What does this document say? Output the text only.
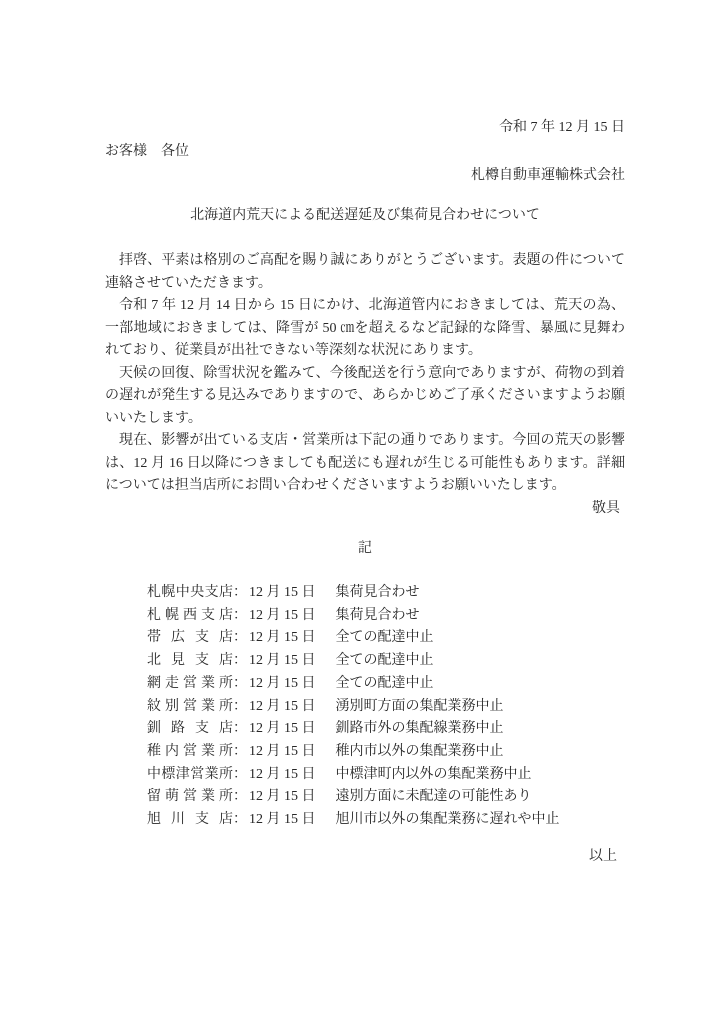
令和 7 年 12 月 15 日
お客様　各位
札樽自動車運輸株式会社
北海道内荒天による配送遅延及び集荷見合わせについて

拝啓、平素は格別のご高配を賜り誠にありがとうございます。表題の件について連絡させていただきます。

令和 7 年 12 月 14 日から 15 日にかけ、北海道管内におきましては、荒天の為、一部地域におきましては、降雪が 50 ㎝を超えるなど記録的な降雪、暴風に見舞われており、従業員が出社できない等深刻な状況にあります。

天候の回復、除雪状況を鑑みて、今後配送を行う意向でありますが、荷物の到着の遅れが発生する見込みでありますので、あらかじめご了承くださいますようお願いいたします。

現在、影響が出ている支店・営業所は下記の通りであります。今回の荒天の影響は、12 月 16 日以降につきましても配送にも遅れが生じる可能性もあります。詳細については担当店所にお問い合わせくださいますようお願いいたします。

敬具
記
札幌中央支店： 12 月 15 日 集荷見合わせ
札幌西支店： 12 月 15 日 集荷見合わせ
帯広支店： 12 月 15 日 全ての配達中止
北見支店： 12 月 15 日 全ての配達中止
網走営業所： 12 月 15 日 全ての配達中止
紋別営業所： 12 月 15 日 湧別町方面の集配業務中止
釧路支店： 12 月 15 日 釧路市外の集配線業務中止
稚内営業所： 12 月 15 日 稚内市以外の集配業務中止
中標津営業所： 12 月 15 日 中標津町内以外の集配業務中止
留萌営業所： 12 月 15 日 遠別方面に未配達の可能性あり
旭川支店： 12 月 15 日 旭川市以外の集配業務に遅れや中止
以上
